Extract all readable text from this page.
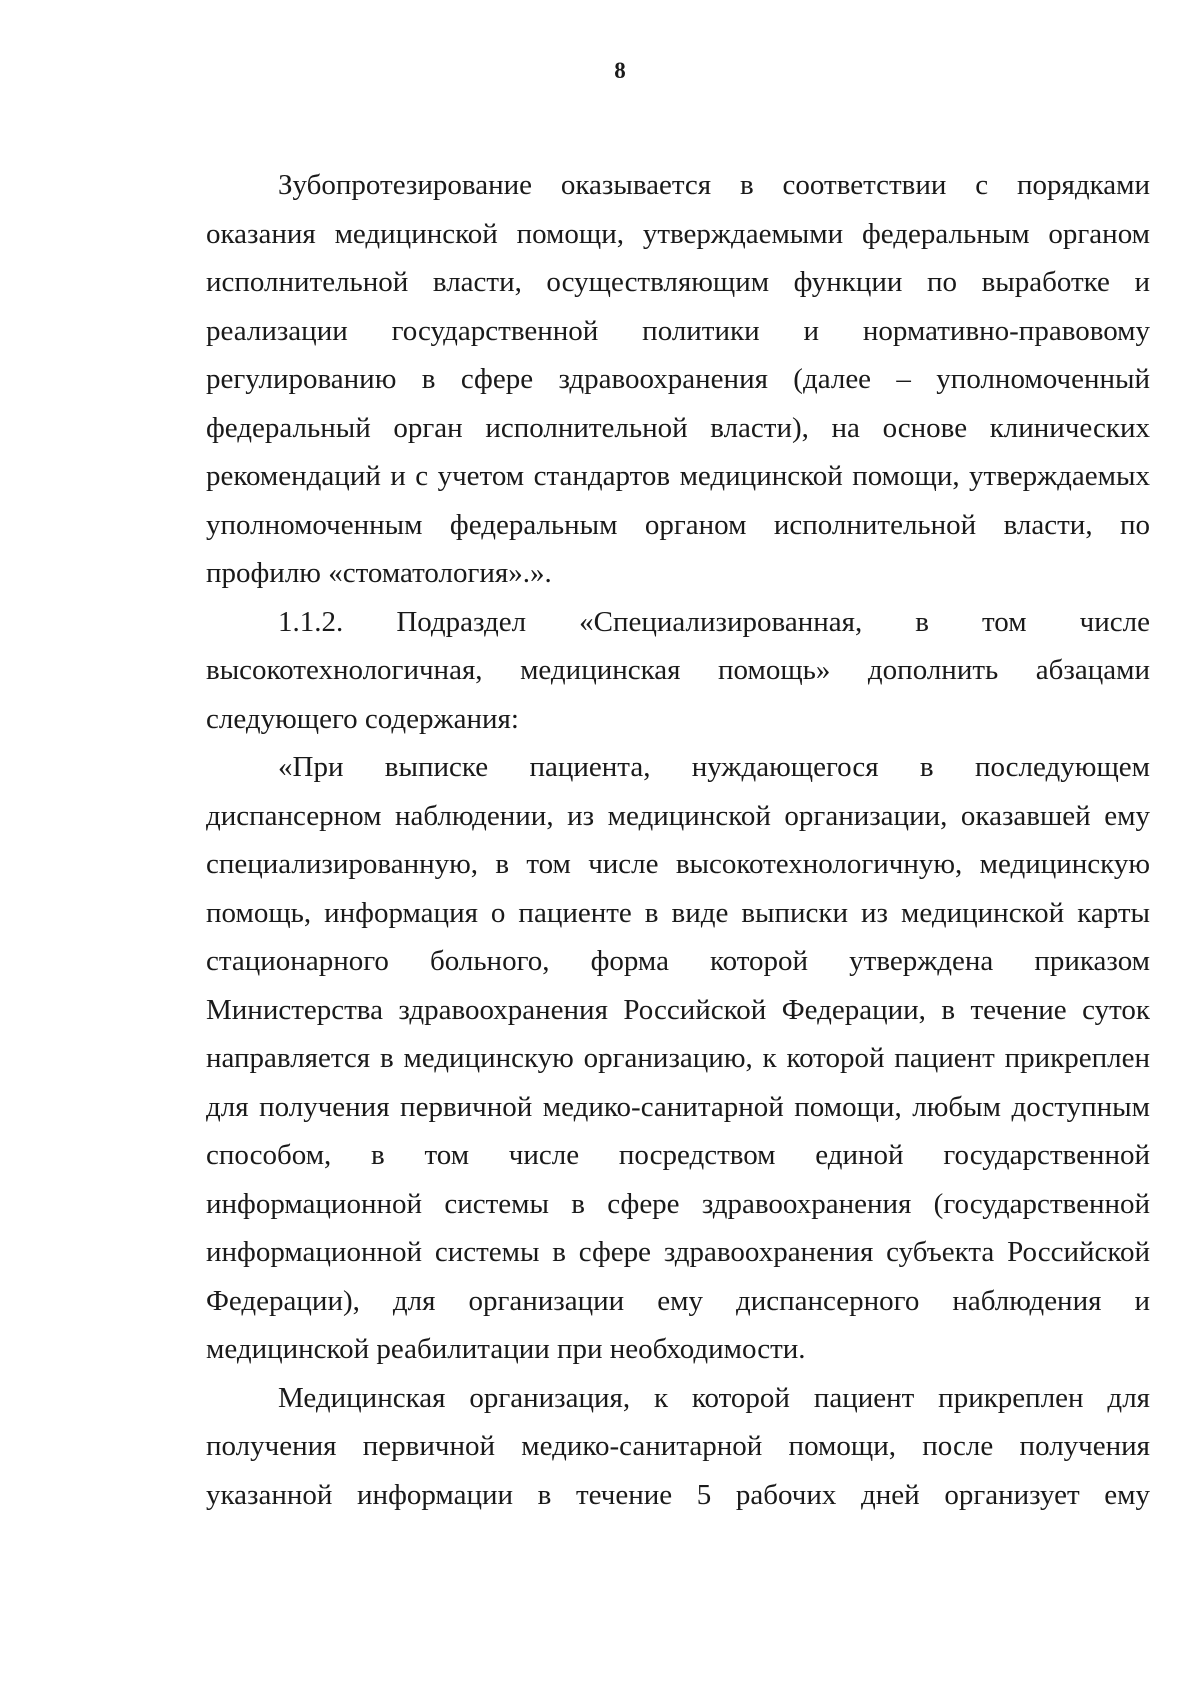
8

Зубопротезирование оказывается в соответствии с порядками оказания медицинской помощи, утверждаемыми федеральным органом исполнительной власти, осуществляющим функции по выработке и реализации государственной политики и нормативно-правовому регулированию в сфере здравоохранения (далее – уполномоченный федеральный орган исполнительной власти), на основе клинических рекомендаций и с учетом стандартов медицинской помощи, утверждаемых уполномоченным федеральным органом исполнительной власти, по профилю «стоматология».».

1.1.2. Подраздел «Специализированная, в том числе высокотехнологичная, медицинская помощь» дополнить абзацами следующего содержания:

«При выписке пациента, нуждающегося в последующем диспансерном наблюдении, из медицинской организации, оказавшей ему специализированную, в том числе высокотехнологичную, медицинскую помощь, информация о пациенте в виде выписки из медицинской карты стационарного больного, форма которой утверждена приказом Министерства здравоохранения Российской Федерации, в течение суток направляется в медицинскую организацию, к которой пациент прикреплен для получения первичной медико-санитарной помощи, любым доступным способом, в том числе посредством единой государственной информационной системы в сфере здравоохранения (государственной информационной системы в сфере здравоохранения субъекта Российской Федерации), для организации ему диспансерного наблюдения и медицинской реабилитации при необходимости.

Медицинская организация, к которой пациент прикреплен для получения первичной медико-санитарной помощи, после получения указанной информации в течение 5 рабочих дней организует ему
